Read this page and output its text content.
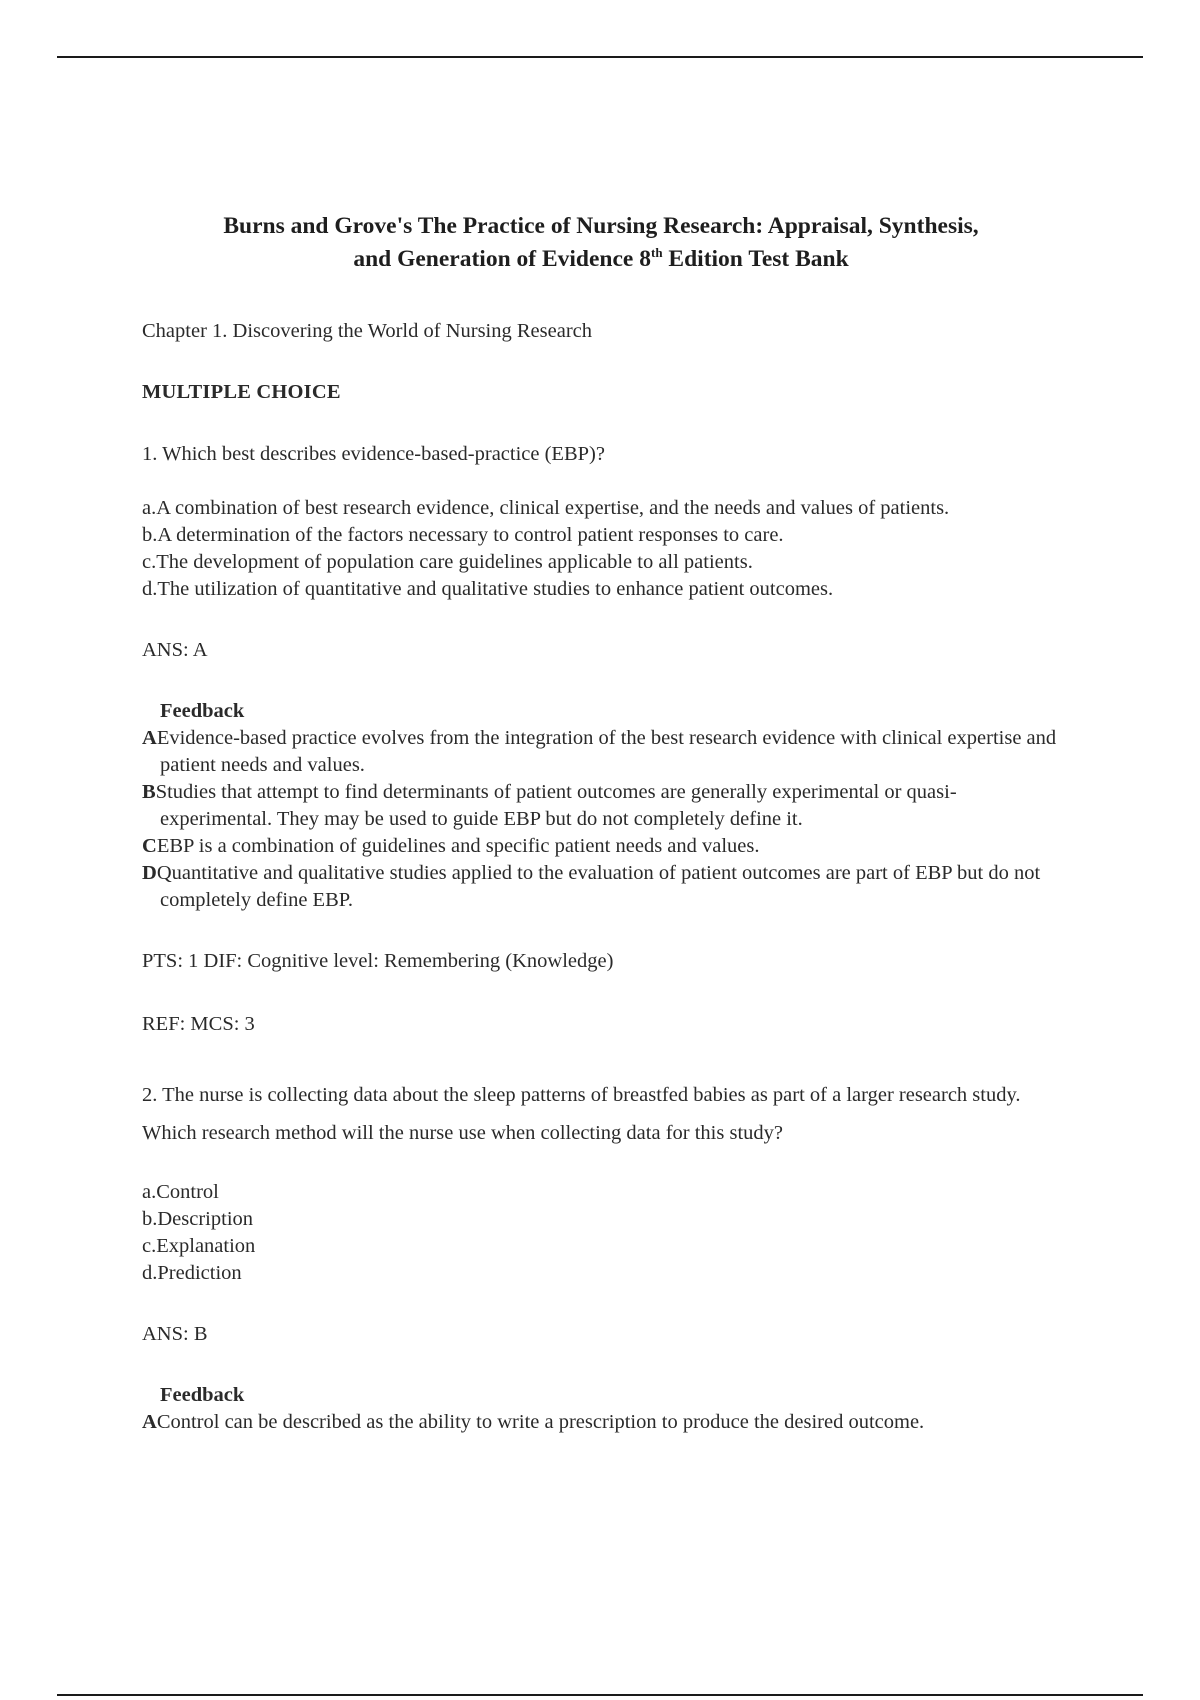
Burns and Grove's The Practice of Nursing Research: Appraisal, Synthesis,
and Generation of Evidence 8th Edition Test Bank
Chapter 1. Discovering the World of Nursing Research
MULTIPLE CHOICE
1. Which best describes evidence-based-practice (EBP)?
a.A combination of best research evidence, clinical expertise, and the needs and values of patients.
b.A determination of the factors necessary to control patient responses to care.
c.The development of population care guidelines applicable to all patients.
d.The utilization of quantitative and qualitative studies to enhance patient outcomes.
ANS: A
Feedback
AEvidence-based practice evolves from the integration of the best research evidence with clinical expertise and patient needs and values.
BStudies that attempt to find determinants of patient outcomes are generally experimental or quasi-experimental. They may be used to guide EBP but do not completely define it.
CEBP is a combination of guidelines and specific patient needs and values.
DQuantitative and qualitative studies applied to the evaluation of patient outcomes are part of EBP but do not completely define EBP.
PTS: 1 DIF: Cognitive level: Remembering (Knowledge)
REF: MCS: 3
2. The nurse is collecting data about the sleep patterns of breastfed babies as part of a larger research study. Which research method will the nurse use when collecting data for this study?
a.Control
b.Description
c.Explanation
d.Prediction
ANS: B
Feedback
AControl can be described as the ability to write a prescription to produce the desired outcome.
